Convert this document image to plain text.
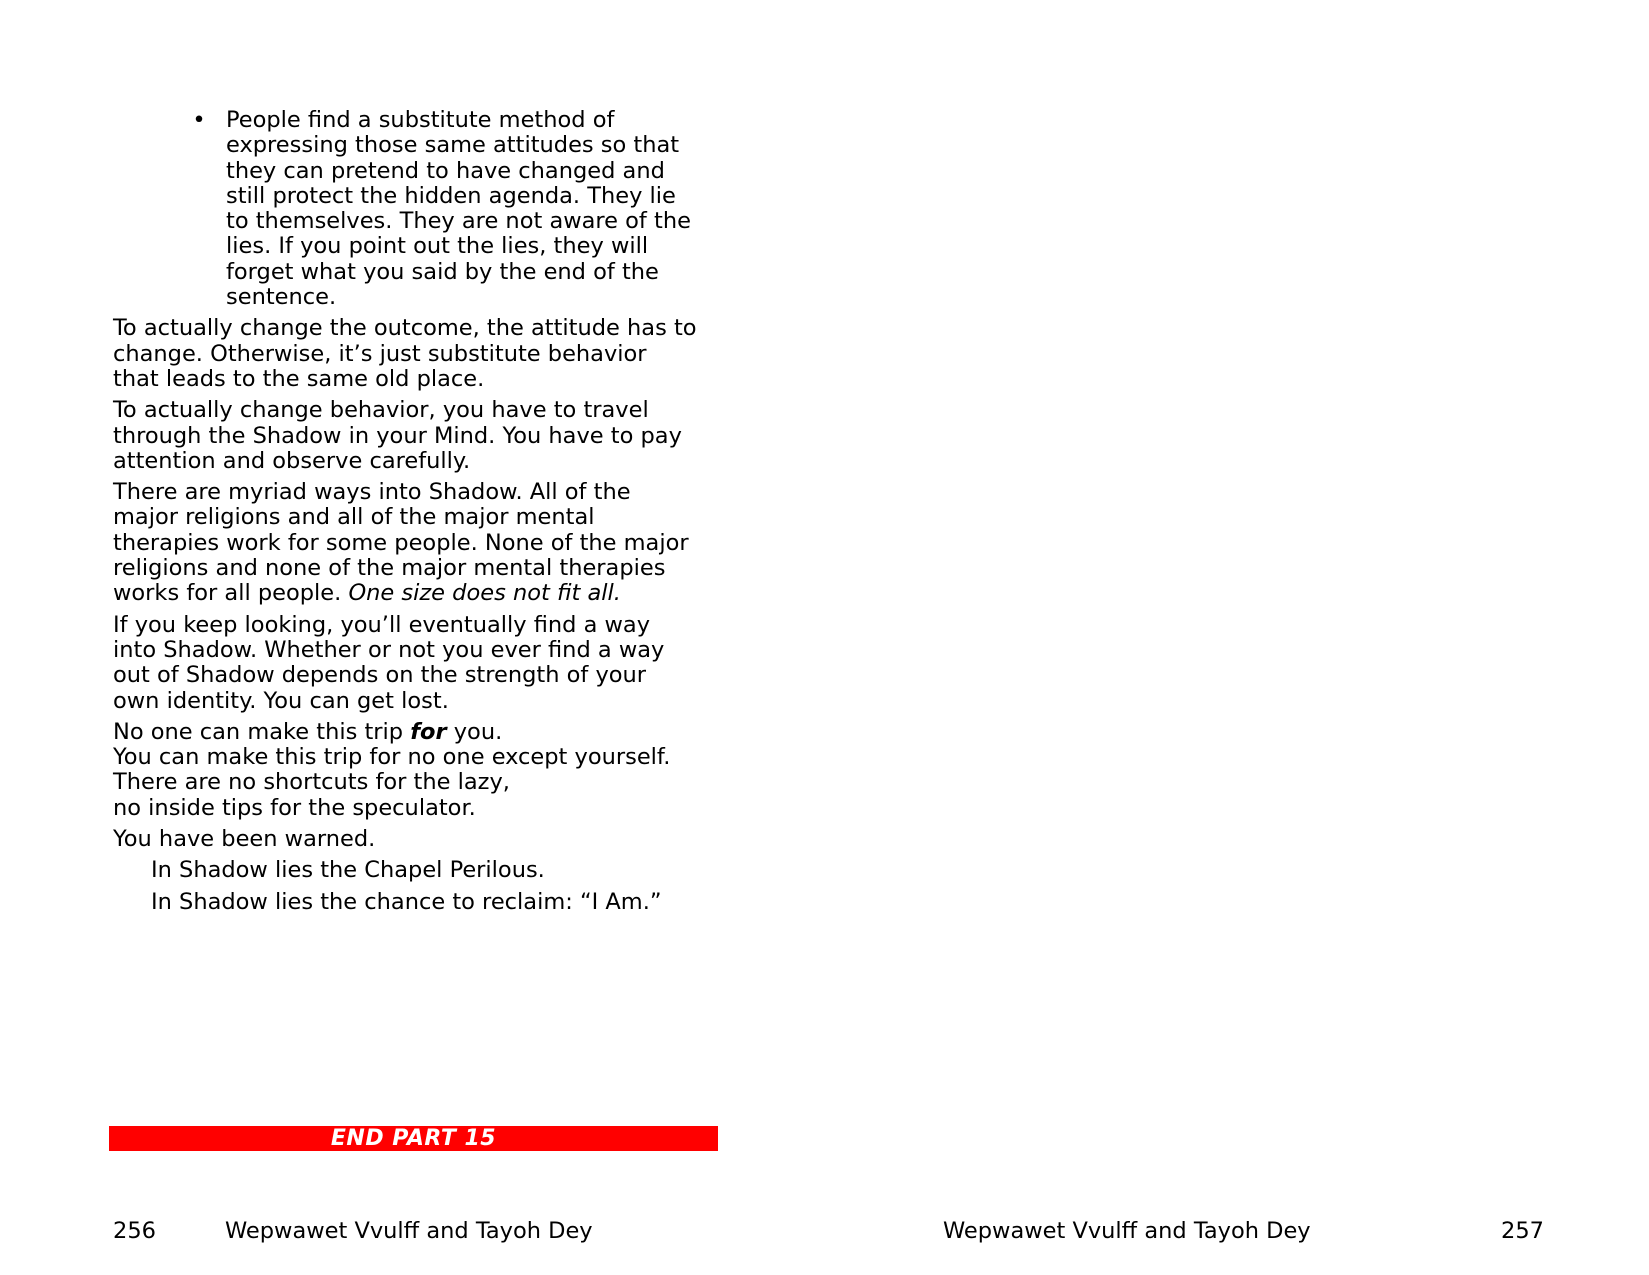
• People find a substitute method of
expressing those same attitudes so that
they can pretend to have changed and
still protect the hidden agenda. They lie
to themselves. They are not aware of the
lies. If you point out the lies, they will
forget what you said by the end of the
sentence.

To actually change the outcome, the attitude has to
change. Otherwise, it’s just substitute behavior
that leads to the same old place.

To actually change behavior, you have to travel
through the Shadow in your Mind. You have to pay
attention and observe carefully.

There are myriad ways into Shadow. All of the
major religions and all of the major mental
therapies work for some people. None of the major
religions and none of the major mental therapies
works for all people. One size does not fit all.

If you keep looking, you’ll eventually find a way
into Shadow. Whether or not you ever find a way
out of Shadow depends on the strength of your
own identity. You can get lost.

No one can make this trip for you.
You can make this trip for no one except yourself.
There are no shortcuts for the lazy,
no inside tips for the speculator.

You have been warned.

In Shadow lies the Chapel Perilous.

In Shadow lies the chance to reclaim: “I Am.”

END PART 15
256	Wepwawet Vvulff and Tayoh Dey	Wepwawet Vvulff and Tayoh Dey	257
